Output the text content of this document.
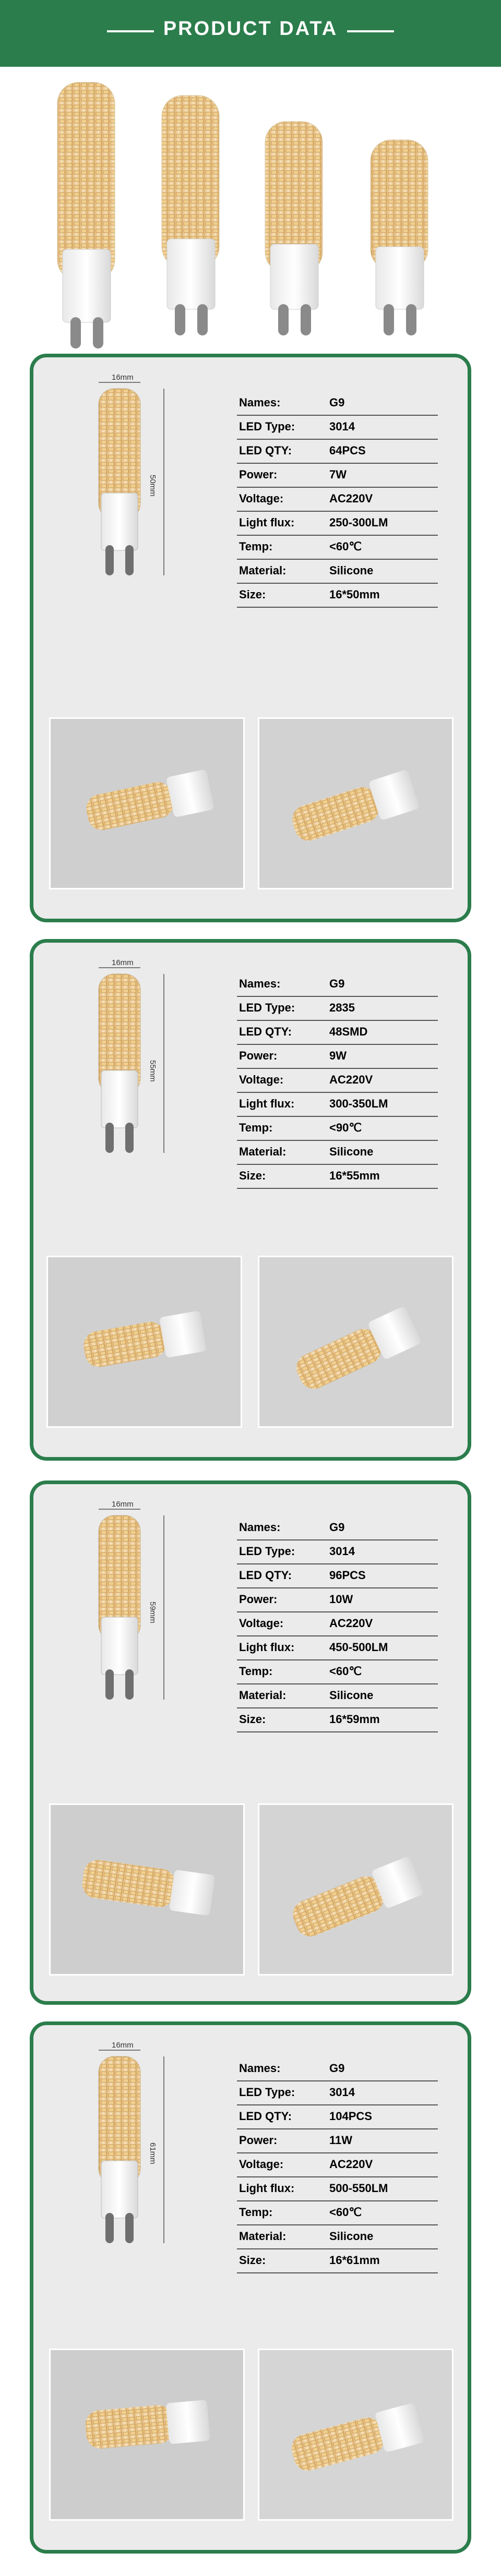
PRODUCT DATA
16mm
50mm
Names:	G9
LED Type:	3014
LED QTY:	64PCS
Power:	7W
Voltage:	AC220V
Light flux:	250-300LM
Temp:	<60℃
Material:	Silicone
Size:	16*50mm
16mm
55mm
Names:	G9
LED Type:	2835
LED QTY:	48SMD
Power:	9W
Voltage:	AC220V
Light flux:	300-350LM
Temp:	<90℃
Material:	Silicone
Size:	16*55mm
16mm
59mm
Names:	G9
LED Type:	3014
LED QTY:	96PCS
Power:	10W
Voltage:	AC220V
Light flux:	450-500LM
Temp:	<60℃
Material:	Silicone
Size:	16*59mm
16mm
61mm
Names:	G9
LED Type:	3014
LED QTY:	104PCS
Power:	11W
Voltage:	AC220V
Light flux:	500-550LM
Temp:	<60℃
Material:	Silicone
Size:	16*61mm
